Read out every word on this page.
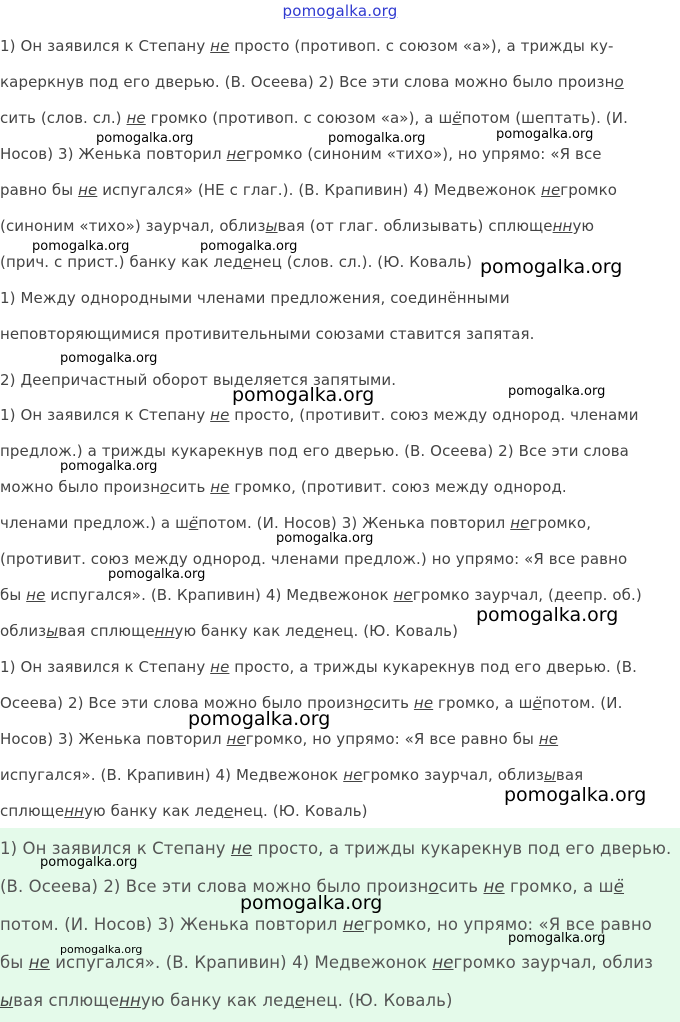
pomogalka.org
1) Он заявился к Степану не просто (противоп. с союзом «а»), а трижды ку-
кареркнув под его дверью. (В. Осеева) 2) Все эти слова можно было произно
сить (слов. сл.) не громко (противоп. с союзом «а»), а шёпотом (шептать). (И.
Носов) 3) Женька повторил негромко (синоним «тихо»), но упрямо: «Я все
равно бы не испугался» (НЕ с глаг.). (В. Крапивин) 4) Медвежонок негромко
(синоним «тихо») заурчал, облизывая (от глаг. облизывать) сплющенную
(прич. с прист.) банку как леденец (слов. сл.). (Ю. Коваль)
1) Между однородными членами предложения, соединёнными
неповторяющимися противительными союзами ставится запятая.
2) Деепричастный оборот выделяется запятыми.
1) Он заявился к Степану не просто, (противит. союз между однород. членами
предлож.) а трижды кукарекнув под его дверью. (В. Осеева) 2) Все эти слова
можно было произносить не громко, (противит. союз между однород.
членами предлож.) а шёпотом. (И. Носов) 3) Женька повторил негромко,
(противит. союз между однород. членами предлож.) но упрямо: «Я все равно
бы не испугался». (В. Крапивин) 4) Медвежонок негромко заурчал, (деепр. об.)
облизывая сплющенную банку как леденец. (Ю. Коваль)
1) Он заявился к Степану не просто, а трижды кукарекнув под его дверью. (В.
Осеева) 2) Все эти слова можно было произносить не громко, а шёпотом. (И.
Носов) 3) Женька повторил негромко, но упрямо: «Я все равно бы не
испугался». (В. Крапивин) 4) Медвежонок негромко заурчал, облизывая
сплющенную банку как леденец. (Ю. Коваль)
1) Он заявился к Степану не просто, а трижды кукарекнув под его дверью.
(В. Осеева) 2) Все эти слова можно было произносить не громко, а шё
потом. (И. Носов) 3) Женька повторил негромко, но упрямо: «Я все равно
бы не испугался». (В. Крапивин) 4) Медвежонок негромко заурчал, облиз
ывая сплющенную банку как леденец. (Ю. Коваль)
pomogalka.org	pomogalka.org	pomogalka.org
pomogalka.org	pomogalka.org
pomogalka.org
pomogalka.org
pomogalka.org	pomogalka.org
pomogalka.org
pomogalka.org
pomogalka.org
pomogalka.org
pomogalka.org
pomogalka.org
pomogalka.org
pomogalka.org
pomogalka.org
pomogalka.org
